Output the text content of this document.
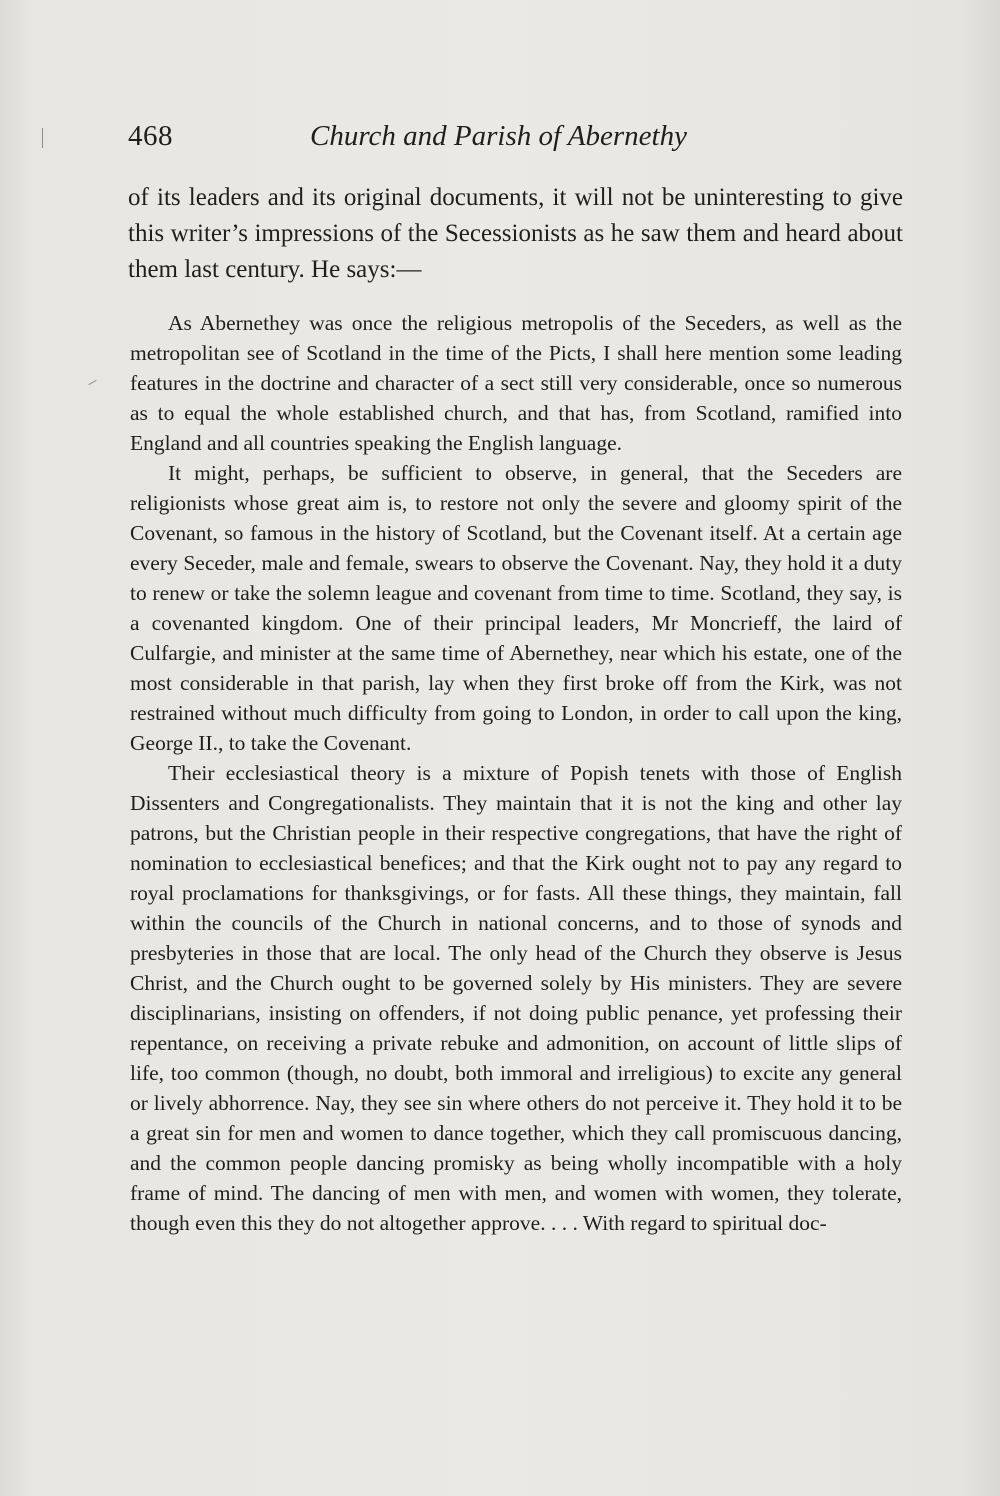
468	Church and Parish of Abernethy

of its leaders and its original documents, it will not be uninteresting to give this writer’s impressions of the Secessionists as he saw them and heard about them last century. He says:—

As Abernethey was once the religious metropolis of the Seceders, as well as the metropolitan see of Scotland in the time of the Picts, I shall here mention some leading features in the doctrine and character of a sect still very considerable, once so numerous as to equal the whole established church, and that has, from Scotland, ramified into England and all countries speaking the English language.

It might, perhaps, be sufficient to observe, in general, that the Seceders are religionists whose great aim is, to restore not only the severe and gloomy spirit of the Covenant, so famous in the history of Scotland, but the Covenant itself. At a certain age every Seceder, male and female, swears to observe the Covenant. Nay, they hold it a duty to renew or take the solemn league and covenant from time to time. Scotland, they say, is a covenanted kingdom. One of their principal leaders, Mr Moncrieff, the laird of Culfargie, and minister at the same time of Abernethey, near which his estate, one of the most considerable in that parish, lay when they first broke off from the Kirk, was not restrained without much difficulty from going to London, in order to call upon the king, George II., to take the Covenant.

Their ecclesiastical theory is a mixture of Popish tenets with those of English Dissenters and Congregationalists. They maintain that it is not the king and other lay patrons, but the Christian people in their respective congregations, that have the right of nomination to ecclesiastical benefices; and that the Kirk ought not to pay any regard to royal proclamations for thanksgivings, or for fasts. All these things, they maintain, fall within the councils of the Church in national concerns, and to those of synods and presbyteries in those that are local. The only head of the Church they observe is Jesus Christ, and the Church ought to be governed solely by His ministers. They are severe disciplinarians, insisting on offenders, if not doing public penance, yet professing their repentance, on receiving a private rebuke and admonition, on account of little slips of life, too common (though, no doubt, both immoral and irreligious) to excite any general or lively abhorrence. Nay, they see sin where others do not perceive it. They hold it to be a great sin for men and women to dance together, which they call promiscuous dancing, and the common people dancing promisky as being wholly incompatible with a holy frame of mind. The dancing of men with men, and women with women, they tolerate, though even this they do not altogether approve. . . . With regard to spiritual doc-
